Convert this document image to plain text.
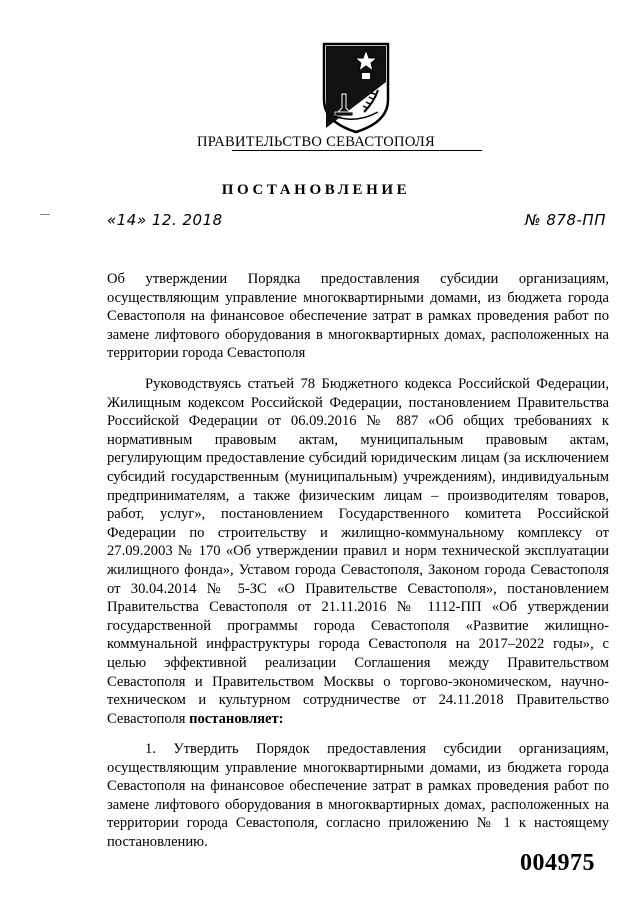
ПРАВИТЕЛЬСТВО СЕВАСТОПОЛЯ
ПОСТАНОВЛЕНИЕ
«14» 12. 2018	№ 878-ПП
Об утверждении Порядка предоставления субсидии организациям, осуществляющим управление многоквартирными домами, из бюджета города Севастополя на финансовое обеспечение затрат в рамках проведения работ по замене лифтового оборудования в многоквартирных домах, расположенных на территории города Севастополя
Руководствуясь статьей 78 Бюджетного кодекса Российской Федерации, Жилищным кодексом Российской Федерации, постановлением Правительства Российской Федерации от 06.09.2016 № 887 «Об общих требованиях к нормативным правовым актам, муниципальным правовым актам, регулирующим предоставление субсидий юридическим лицам (за исключением субсидий государственным (муниципальным) учреждениям), индивидуальным предпринимателям, а также физическим лицам – производителям товаров, работ, услуг», постановлением Государственного комитета Российской Федерации по строительству и жилищно-коммунальному комплексу от 27.09.2003 № 170 «Об утверждении правил и норм технической эксплуатации жилищного фонда», Уставом города Севастополя, Законом города Севастополя от 30.04.2014 № 5-ЗС «О Правительстве Севастополя», постановлением Правительства Севастополя от 21.11.2016 № 1112-ПП «Об утверждении государственной программы города Севастополя «Развитие жилищно-коммунальной инфраструктуры города Севастополя на 2017–2022 годы», с целью эффективной реализации Соглашения между Правительством Севастополя и Правительством Москвы о торгово-экономическом, научно-техническом и культурном сотрудничестве от 24.11.2018 Правительство Севастополя постановляет:
1. Утвердить Порядок предоставления субсидии организациям, осуществляющим управление многоквартирными домами, из бюджета города Севастополя на финансовое обеспечение затрат в рамках проведения работ по замене лифтового оборудования в многоквартирных домах, расположенных на территории города Севастополя, согласно приложению № 1 к настоящему постановлению.
004975
